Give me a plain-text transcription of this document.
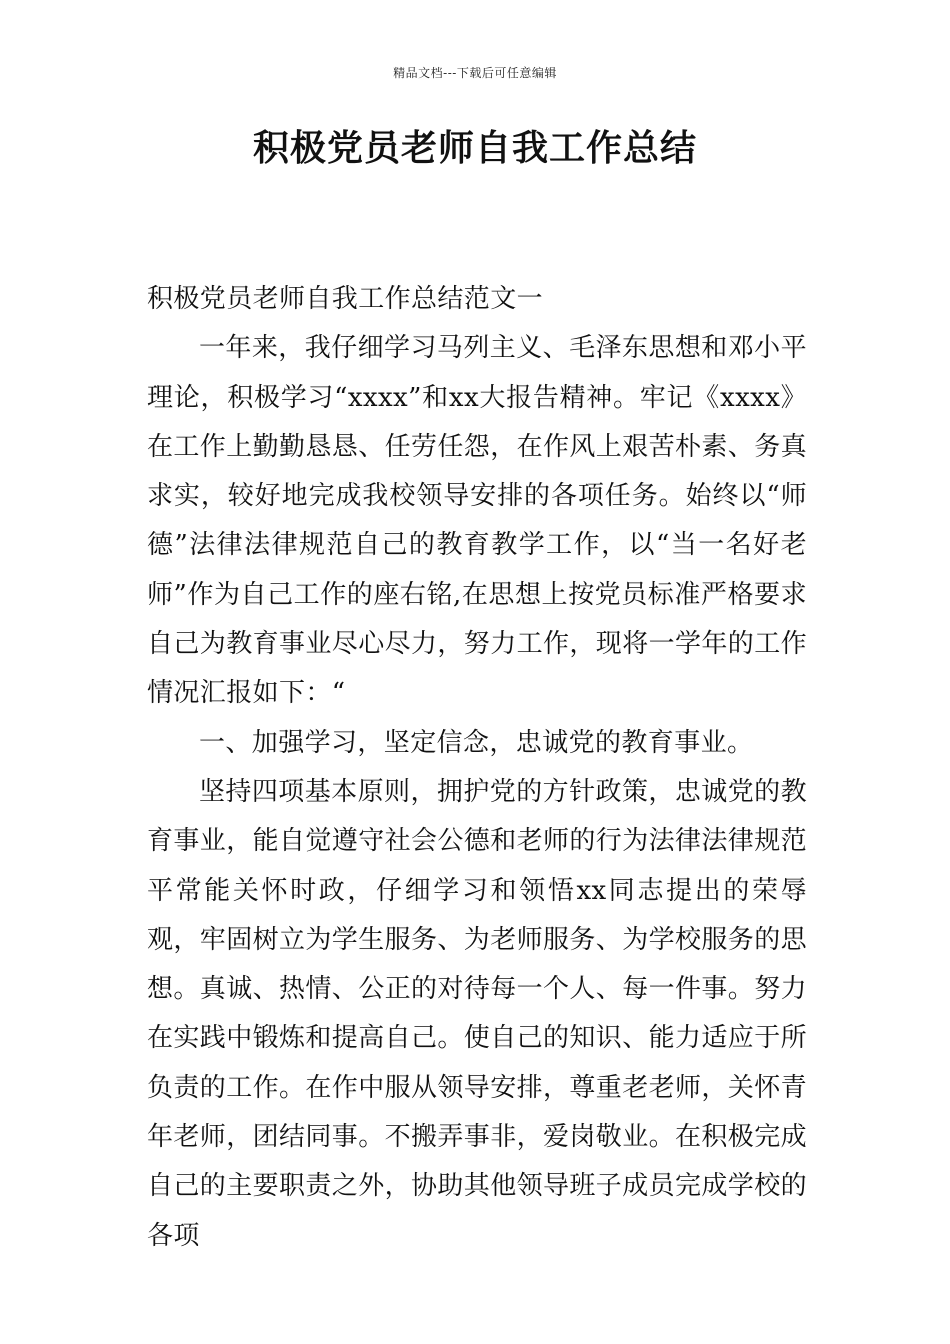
精品文档---下载后可任意编辑
积极党员老师自我工作总结

积极党员老师自我工作总结范文一

一年来，我仔细学习马列主义、毛泽东思想和邓小平理论，积极学习“xxxx”和xx大报告精神。牢记《xxxx》在工作上勤勤恳恳、任劳任怨，在作风上艰苦朴素、务真求实，较好地完成我校领导安排的各项任务。始终以“师德”法律法律规范自己的教育教学工作，以“当一名好老师”作为自己工作的座右铭,在思想上按党员标准严格要求自己为教育事业尽心尽力，努力工作，现将一学年的工作情况汇报如下：“

一、加强学习，坚定信念，忠诚党的教育事业。

坚持四项基本原则，拥护党的方针政策，忠诚党的教育事业，能自觉遵守社会公德和老师的行为法律法律规范平常能关怀时政，仔细学习和领悟xx同志提出的荣辱观，牢固树立为学生服务、为老师服务、为学校服务的思想。真诚、热情、公正的对待每一个人、每一件事。努力在实践中锻炼和提高自己。使自己的知识、能力适应于所负责的工作。在作中服从领导安排，尊重老老师，关怀青年老师，团结同事。不搬弄事非，爱岗敬业。在积极完成自己的主要职责之外，协助其他领导班子成员完成学校的各项
